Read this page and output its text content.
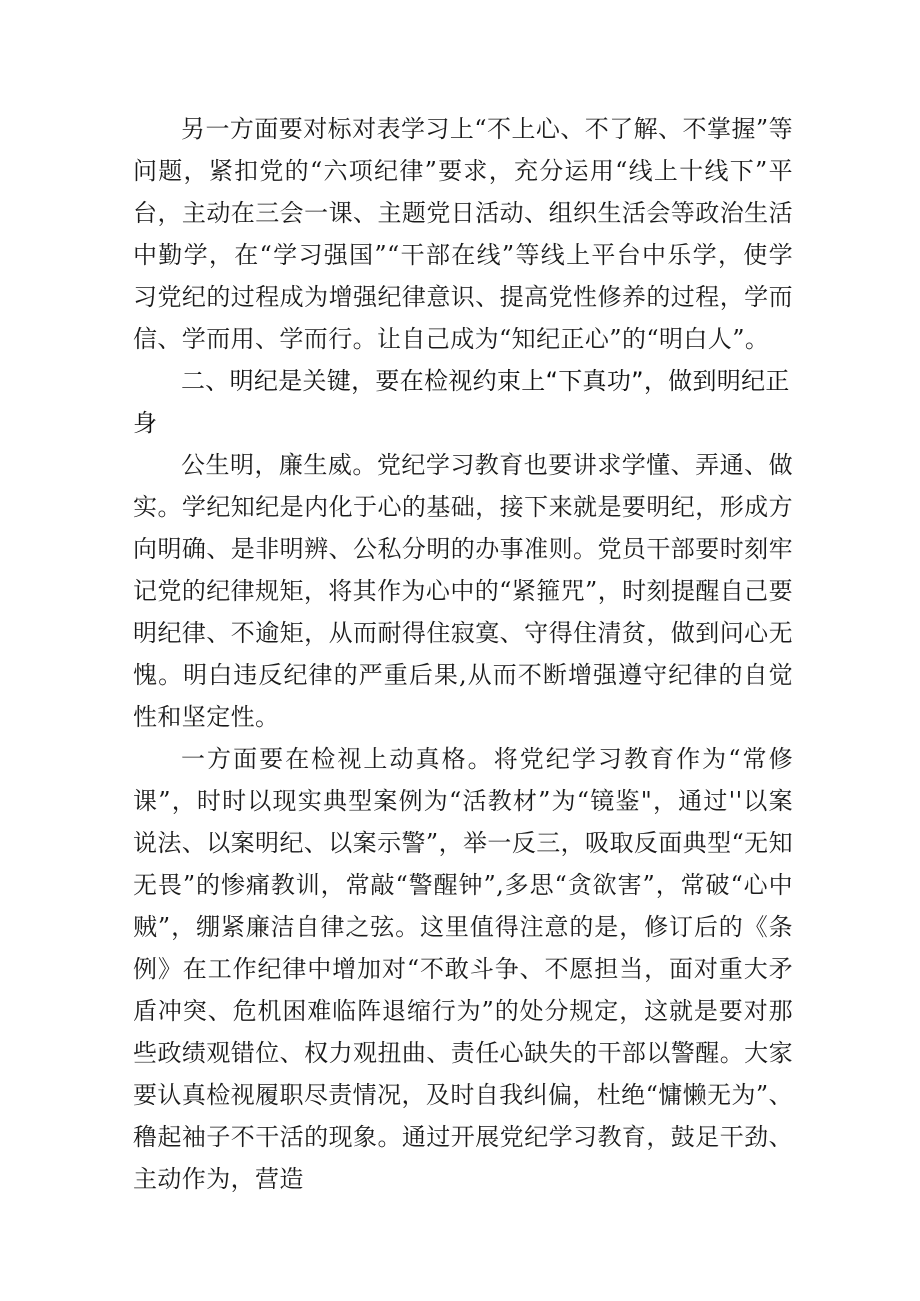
另一方面要对标对表学习上“不上心、不了解、不掌握”等问题，紧扣党的“六项纪律”要求，充分运用“线上十线下”平台，主动在三会一课、主题党日活动、组织生活会等政治生活中勤学，在“学习强国”“干部在线”等线上平台中乐学，使学习党纪的过程成为增强纪律意识、提高党性修养的过程，学而信、学而用、学而行。让自己成为“知纪正心”的“明白人”。

二、明纪是关键，要在检视约束上“下真功”，做到明纪正身

公生明，廉生威。党纪学习教育也要讲求学懂、弄通、做实。学纪知纪是内化于心的基础，接下来就是要明纪，形成方向明确、是非明辨、公私分明的办事准则。党员干部要时刻牢记党的纪律规矩，将其作为心中的“紧箍咒”，时刻提醒自己要明纪律、不逾矩，从而耐得住寂寞、守得住清贫，做到问心无愧。明白违反纪律的严重后果,从而不断增强遵守纪律的自觉性和坚定性。

一方面要在检视上动真格。将党纪学习教育作为“常修课”，时时以现实典型案例为“活教材”为“镜鉴"，通过''以案说法、以案明纪、以案示警”，举一反三，吸取反面典型“无知无畏”的惨痛教训，常敲“警醒钟”,多思“贪欲害”，常破“心中贼”，绷紧廉洁自律之弦。这里值得注意的是，修订后的《条例》在工作纪律中增加对“不敢斗争、不愿担当，面对重大矛盾冲突、危机困难临阵退缩行为”的处分规定，这就是要对那些政绩观错位、权力观扭曲、责任心缺失的干部以警醒。大家要认真检视履职尽责情况，及时自我纠偏，杜绝“慵懒无为”、穞起袖子不干活的现象。通过开展党纪学习教育，鼓足干劲、主动作为，营造
